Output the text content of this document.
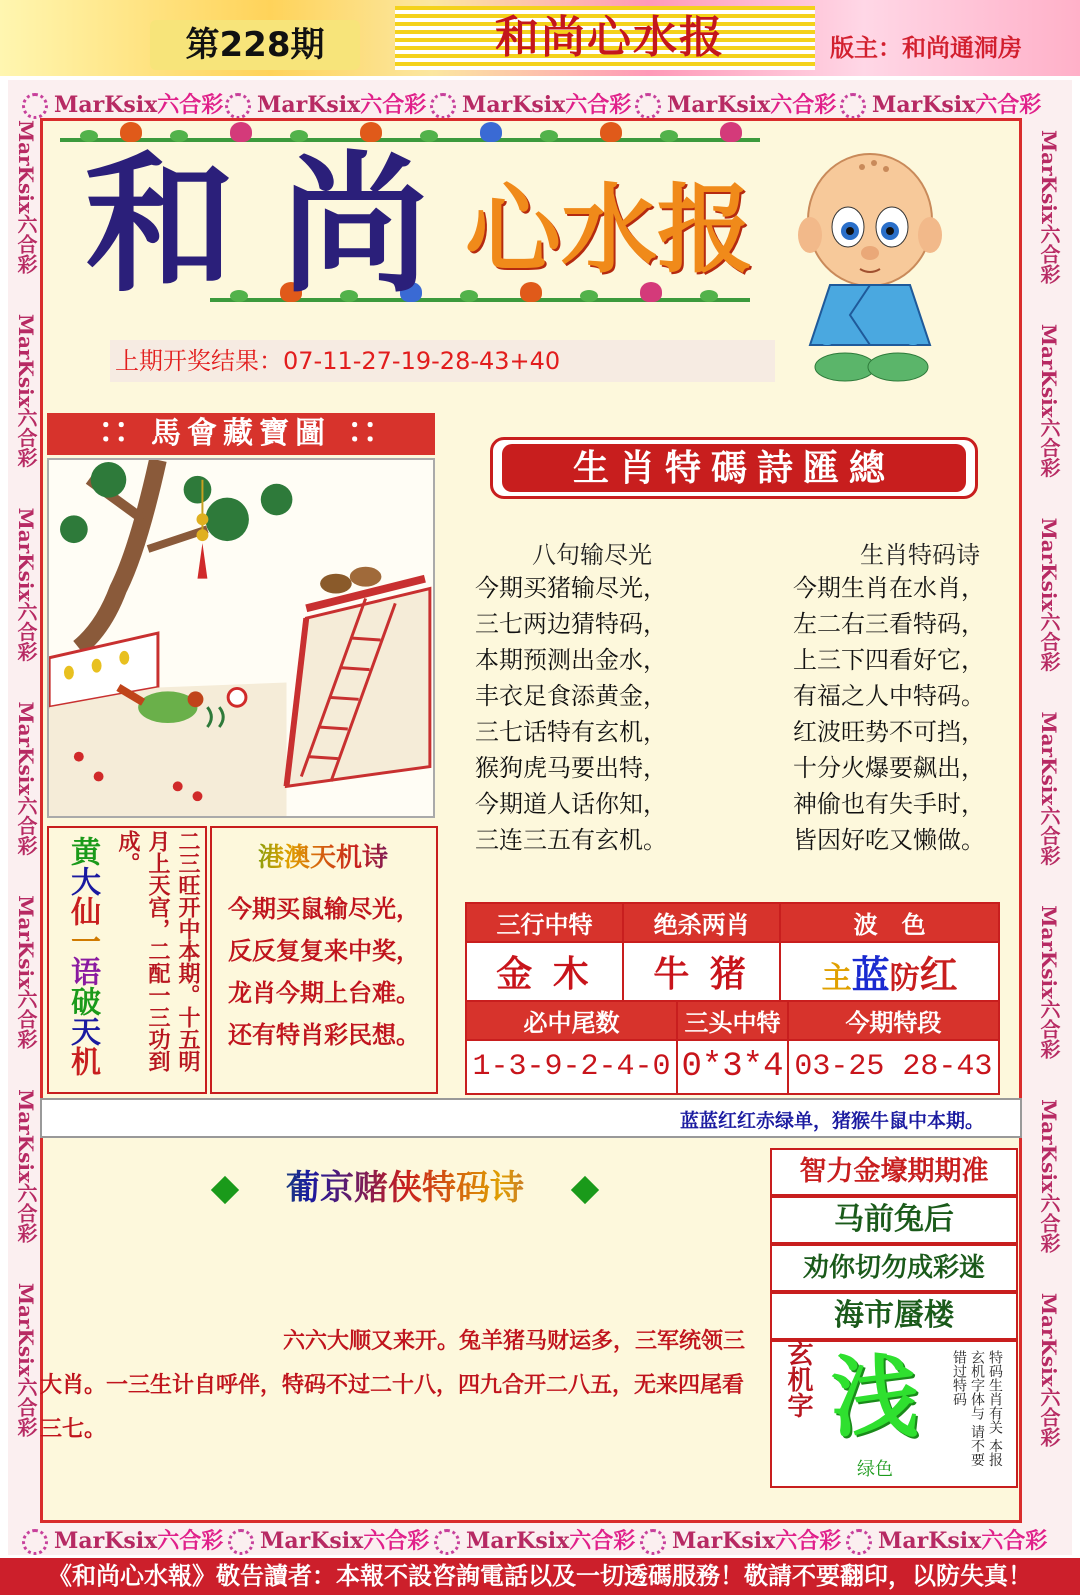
第228期	和尚心水报	版主：和尚通洞房
MarKsix六合彩	MarKsix六合彩	MarKsix六合彩	MarKsix六合彩	MarKsix六合彩
MarKsix六合彩	MarKsix六合彩	MarKsix六合彩	MarKsix六合彩	MarKsix六合彩
MarKsix六合彩　　MarKsix六合彩　　MarKsix六合彩　　MarKsix六合彩　　MarKsix六合彩　　MarKsix六合彩　　MarKsix六合彩
MarKsix六合彩　　MarKsix六合彩　　MarKsix六合彩　　MarKsix六合彩　　MarKsix六合彩　　MarKsix六合彩　　MarKsix六合彩
和 尚 心水报
上期开奖结果：07-11-27-19-28-43+40
∷ 馬會藏寶圖 ∷
生肖特碼詩匯總
八句输尽光	生肖特码诗
今期买猪输尽光，
三七两边猜特码，
本期预测出金水，
丰衣足食添黄金，
三七话特有玄机，
猴狗虎马要出特，
今期道人话你知，
三连三五有玄机。
今期生肖在水肖，
左二右三看特码，
上三下四看好它，
有福之人中特码。
红波旺势不可挡，
十分火爆要飙出，
神偷也有失手时，
皆因好吃又懒做。
黄大仙一语破天机	二三旺开中本期。十五明月上天宫，二配一三功到成。	港澳天机诗
今期买鼠输尽光，
反反复复来中奖，
龙肖今期上台难。
还有特肖彩民想。
三行中特	绝杀两肖	波　色
金 木	牛 猪	主蓝防红
必中尾数	三头中特	今期特段
1-3-9-2-4-0	0*3*4	03-25 28-43
蓝蓝红红赤绿单，猪猴牛鼠中本期。
葡京赌侠特码诗
六六大顺又来开。兔羊猪马财运多，三军统领三
大肖。一三生计自呼伴，特码不过二十八，四九合开二八五，无来四尾看
三七。
智力金壕期期准
马前兔后
劝你切勿成彩迷
海市蜃楼
玄机字 浅
绿色
特码生肖有关 本报玄机字体与 请不要错过特码
《和尚心水報》敬告讀者：本報不設咨詢電話以及一切透碼服務！敬請不要翻印，以防失真！
